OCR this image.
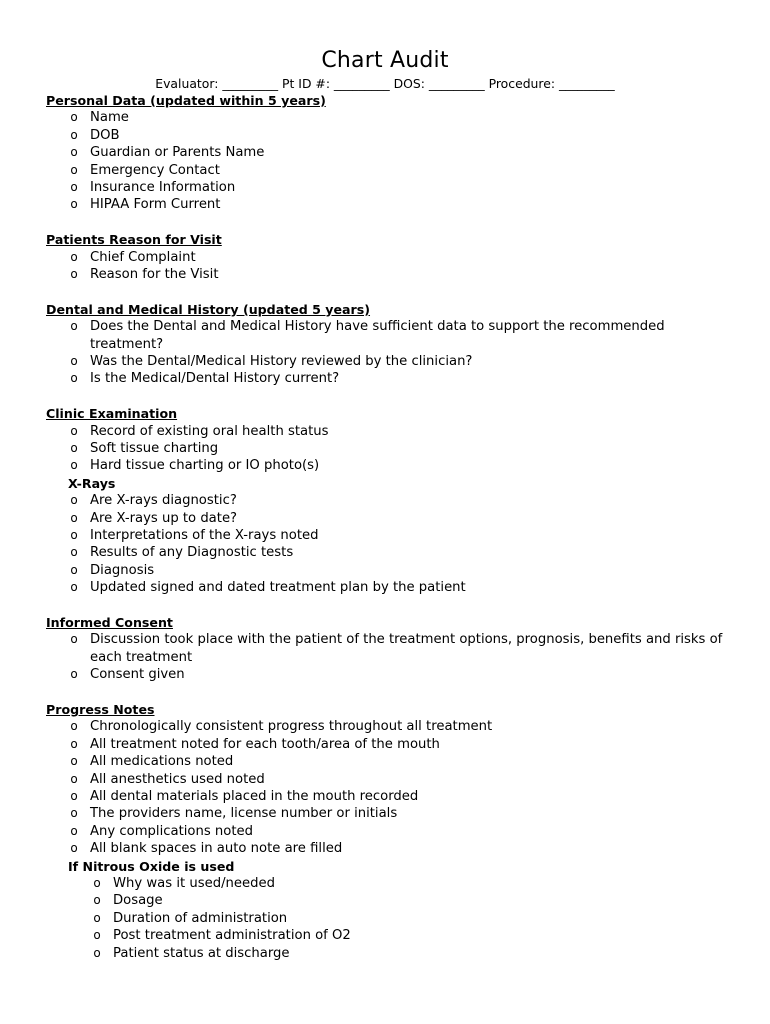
Chart Audit
Evaluator: _________ Pt ID #: _________ DOS: _________ Procedure: _________
Personal Data (updated within 5 years)
o Name
o DOB
o Guardian or Parents Name
o Emergency Contact
o Insurance Information
o HIPAA Form Current
Patients Reason for Visit
o Chief Complaint
o Reason for the Visit
Dental and Medical History (updated 5 years)
o Does the Dental and Medical History have sufficient data to support the recommended treatment?
o Was the Dental/Medical History reviewed by the clinician?
o Is the Medical/Dental History current?
Clinic Examination
o Record of existing oral health status
o Soft tissue charting
o Hard tissue charting or IO photo(s)
X-Rays
o Are X-rays diagnostic?
o Are X-rays up to date?
o Interpretations of the X-rays noted
o Results of any Diagnostic tests
o Diagnosis
o Updated signed and dated treatment plan by the patient
Informed Consent
o Discussion took place with the patient of the treatment options, prognosis, benefits and risks of each treatment
o Consent given
Progress Notes
o Chronologically consistent progress throughout all treatment
o All treatment noted for each tooth/area of the mouth
o All medications noted
o All anesthetics used noted
o All dental materials placed in the mouth recorded
o The providers name, license number or initials
o Any complications noted
o All blank spaces in auto note are filled
If Nitrous Oxide is used
o Why was it used/needed
o Dosage
o Duration of administration
o Post treatment administration of O2
o Patient status at discharge
